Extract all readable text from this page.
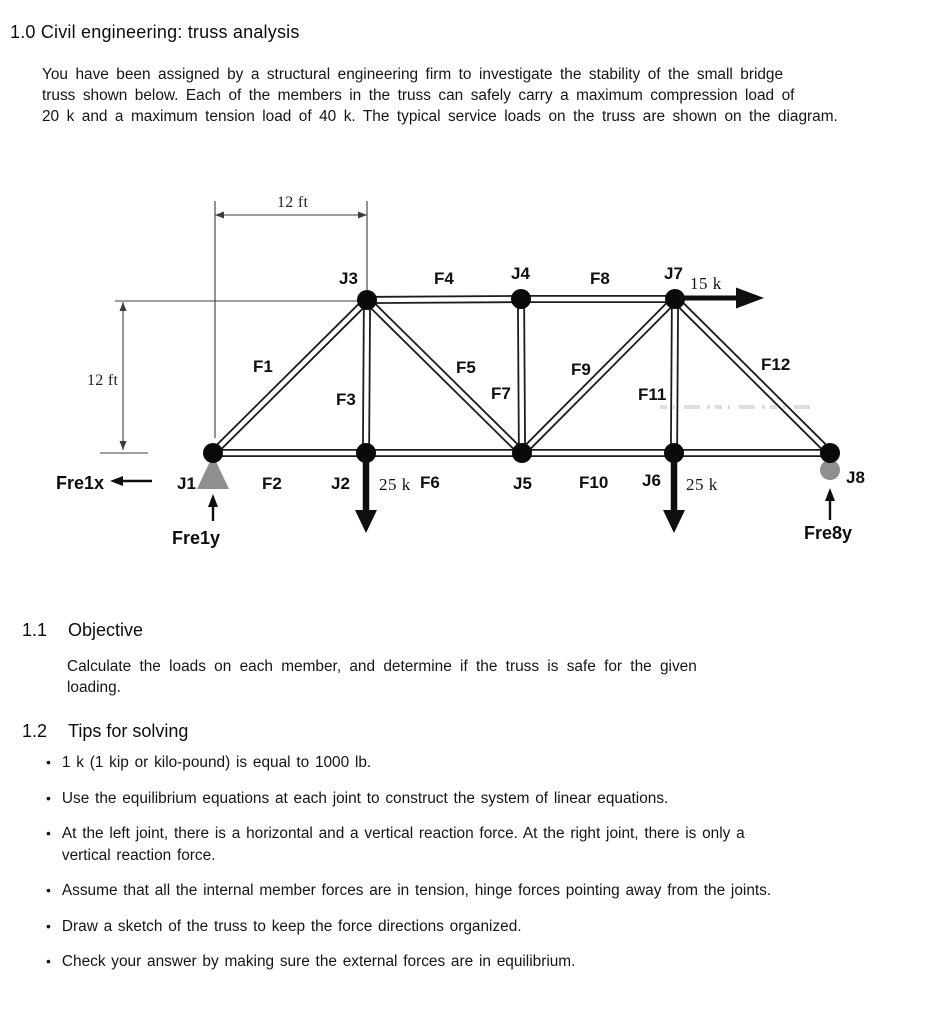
1.0 Civil engineering: truss analysis

You have been assigned by a structural engineering firm to investigate the stability of the small bridge
truss shown below. Each of the members in the truss can safely carry a maximum compression load of
20 k and a maximum tension load of 40 k. The typical service loads on the truss are shown on the diagram.

12 ft
12 ft
15 k
25 k	25 k
Fre1x
Fre1y	Fre8y
J1	J2
J3	J4
J5	J6
J7
J8
F1
F2
F3
F4
F5
F6
F7
F8
F9
F10
F11
F12
1.1 Objective

Calculate the loads on each member, and determine if the truss is safe for the given
loading.

1.2 Tips for solving
• 1 k (1 kip or kilo-pound) is equal to 1000 lb.
• Use the equilibrium equations at each joint to construct the system of linear equations.
• At the left joint, there is a horizontal and a vertical reaction force. At the right joint, there is only a
vertical reaction force.
• Assume that all the internal member forces are in tension, hinge forces pointing away from the joints.
• Draw a sketch of the truss to keep the force directions organized.
• Check your answer by making sure the external forces are in equilibrium.
